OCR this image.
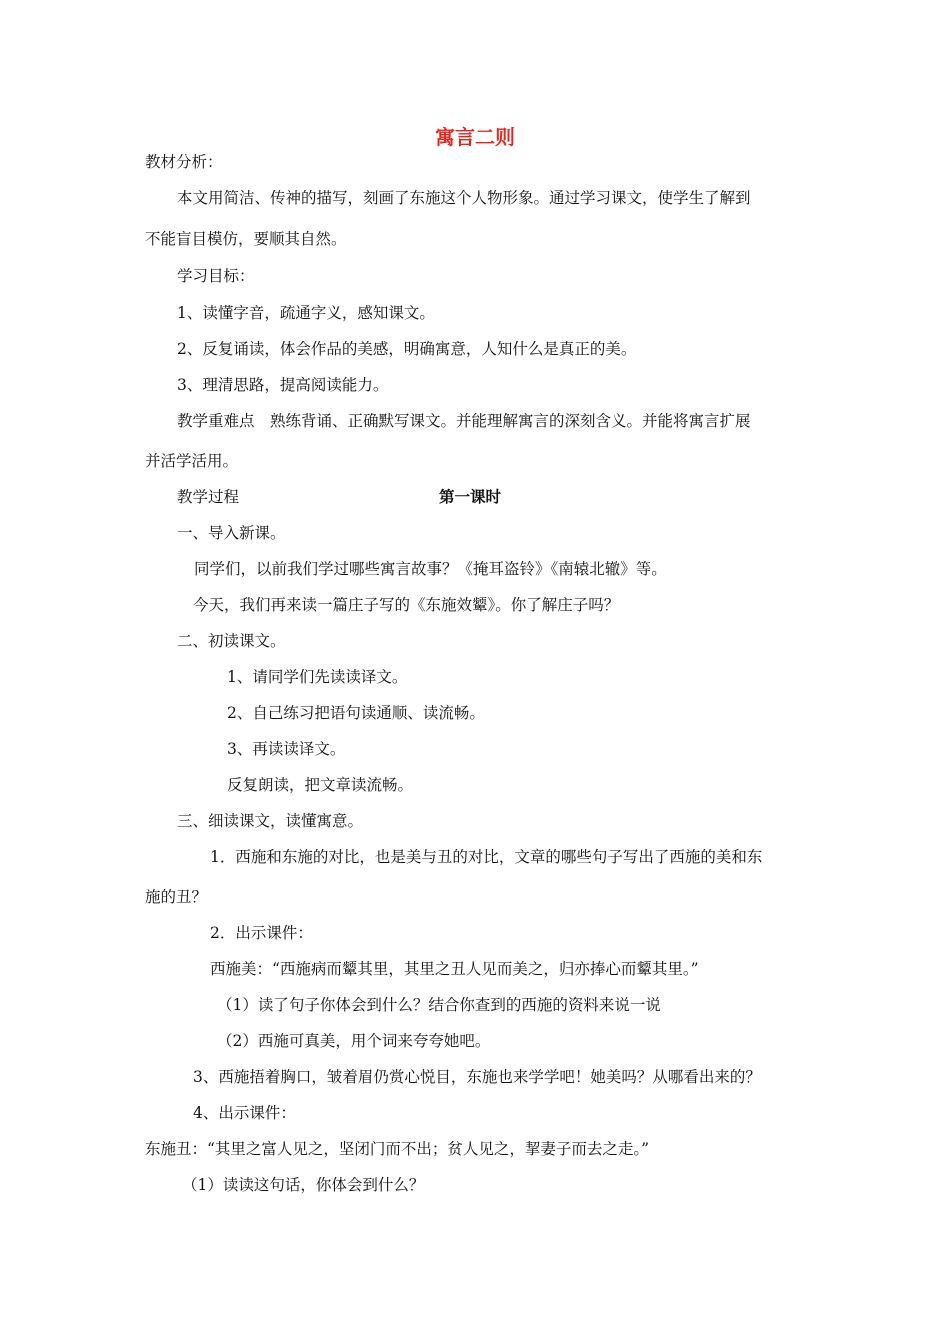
寓言二则
教材分析：
本文用简洁、传神的描写，刻画了东施这个人物形象。通过学习课文，使学生了解到
不能盲目模仿，要顺其自然。
学习目标：
1、读懂字音，疏通字义，感知课文。
2、反复诵读，体会作品的美感，明确寓意，人知什么是真正的美。
3、理清思路，提高阅读能力。
教学重难点　熟练背诵、正确默写课文。并能理解寓言的深刻含义。并能将寓言扩展
并活学活用。
教学过程	第一课时
一、导入新课。
同学们，以前我们学过哪些寓言故事？《掩耳盗铃》《南辕北辙》等。
今天，我们再来读一篇庄子写的《东施效颦》。你了解庄子吗？
二、初读课文。
1、请同学们先读读译文。
2、自己练习把语句读通顺、读流畅。
3、再读读译文。
反复朗读，把文章读流畅。
三、细读课文，读懂寓意。
1．西施和东施的对比，也是美与丑的对比，文章的哪些句子写出了西施的美和东
施的丑？
2．出示课件：
西施美：“西施病而颦其里，其里之丑人见而美之，归亦捧心而颦其里。”
（1）读了句子你体会到什么？结合你查到的西施的资料来说一说
（2）西施可真美，用个词来夸夸她吧。
3、西施捂着胸口，皱着眉仍赏心悦目，东施也来学学吧！她美吗？从哪看出来的？
4、出示课件：
东施丑：“其里之富人见之，坚闭门而不出；贫人见之，挈妻子而去之走。”
（1）读读这句话，你体会到什么？
